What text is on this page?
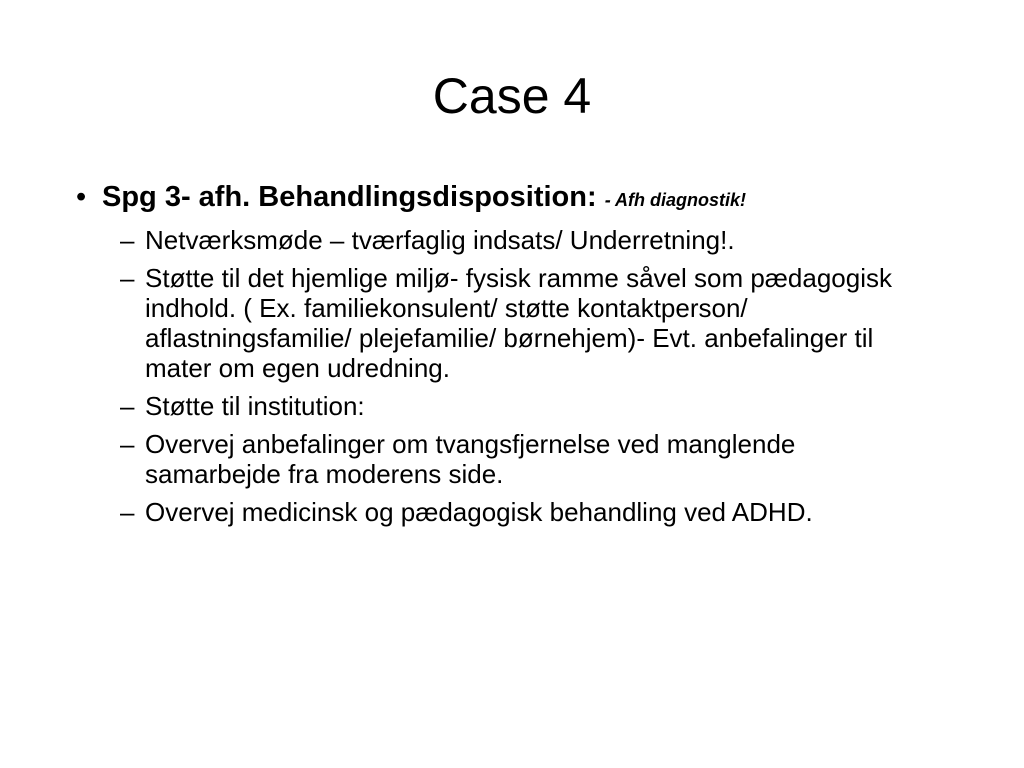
Case 4
• Spg 3- afh. Behandlingsdisposition: - Afh diagnostik!
– Netværksmøde – tværfaglig indsats/ Underretning!.
– Støtte til det hjemlige miljø- fysisk ramme såvel som pædagogisk indhold. ( Ex. familiekonsulent/ støtte kontaktperson/ aflastningsfamilie/ plejefamilie/ børnehjem)- Evt. anbefalinger til mater om egen udredning.
– Støtte til institution:
– Overvej anbefalinger om tvangsfjernelse ved manglende samarbejde fra moderens side.
– Overvej medicinsk og pædagogisk behandling ved ADHD.
